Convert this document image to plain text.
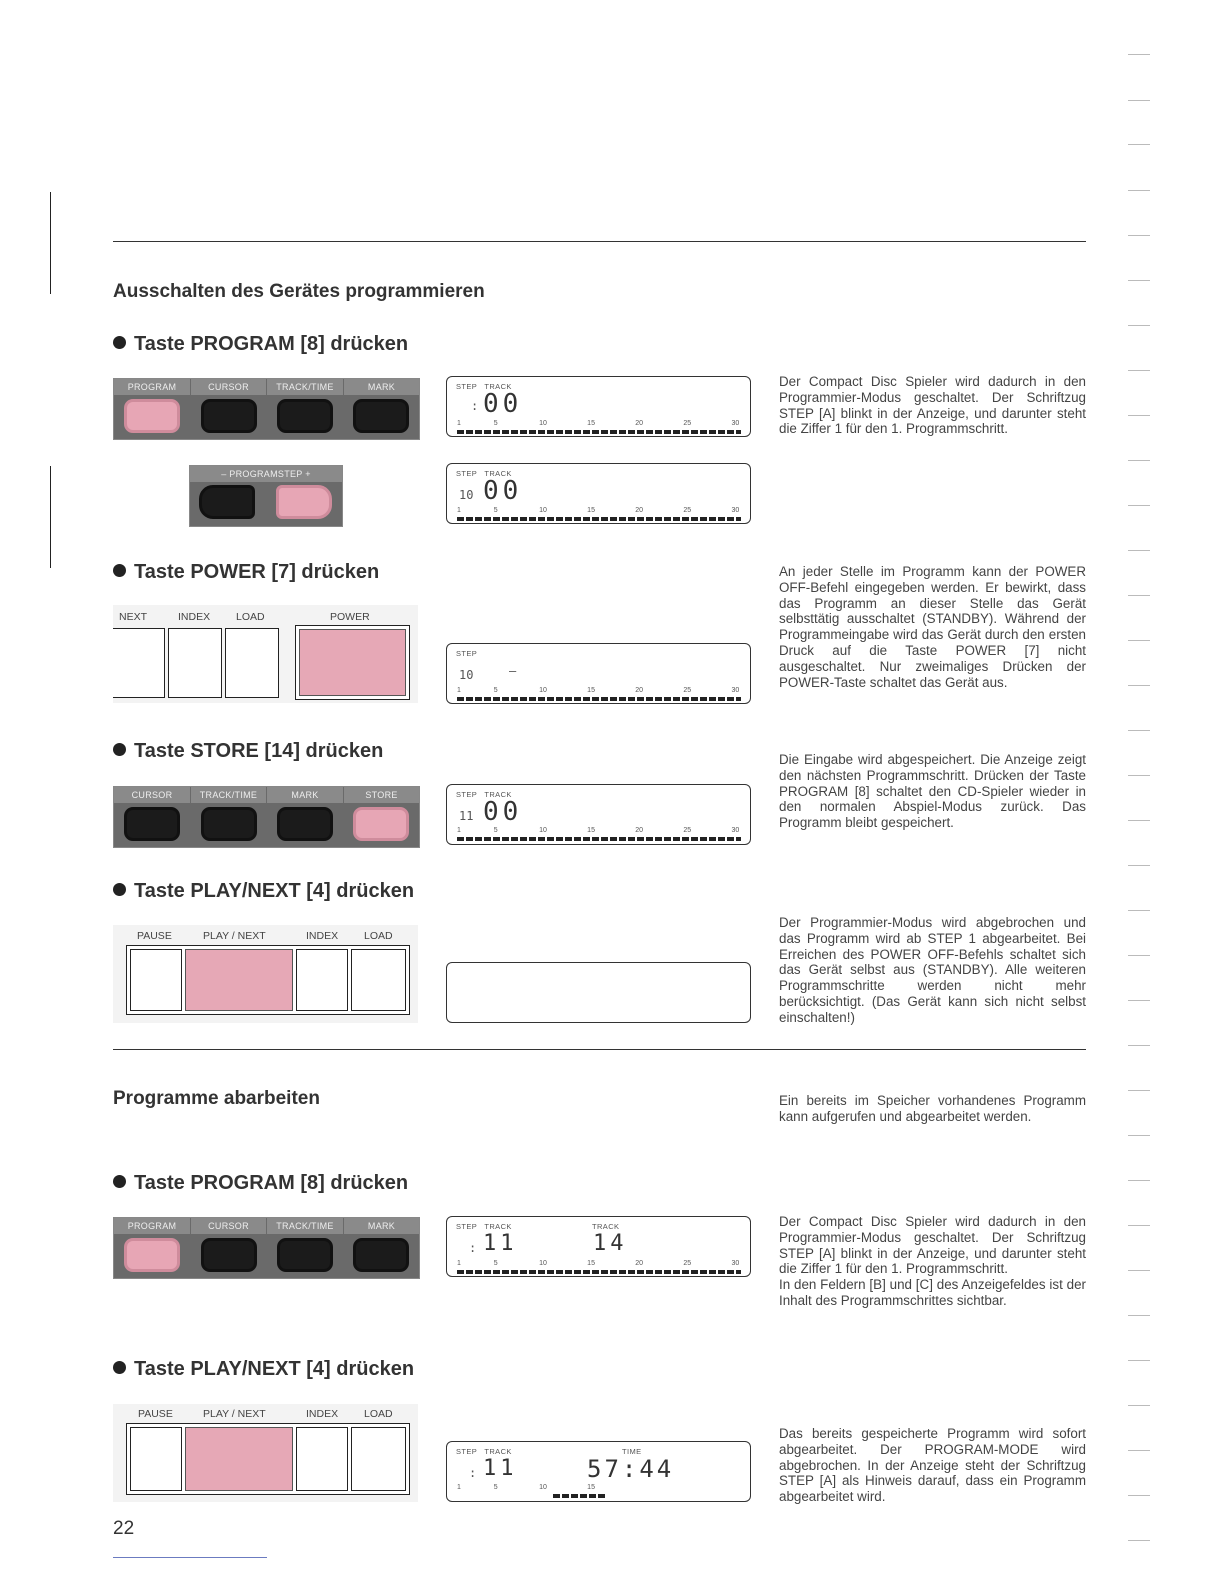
Ausschalten des Gerätes programmieren
Taste PROGRAM [8] drücken
PROGRAM	CURSOR	TRACK/TIME	MARK
– PROGRAMSTEP +
STEP   TRACK
: 00
1	5	10	15	20	25	30
STEP   TRACK
10 00
1	5	10	15	20	25	30
Der Compact Disc Spieler wird dadurch in den Programmier-Modus geschaltet. Der Schriftzug STEP [A] blinkt in der Anzeige, und darunter steht die Ziffer 1 für den 1. Programmschritt.
Taste POWER [7] drücken
NEXT	INDEX LOAD	POWER
STEP
10	–
1	5	10	15	20	25	30
An jeder Stelle im Programm kann der POWER OFF-Befehl eingegeben werden. Er bewirkt, dass das Programm an dieser Stelle das Gerät selbsttätig ausschaltet (STANDBY). Während der Programmeingabe wird das Gerät durch den ersten Druck auf die Taste POWER [7] nicht ausgeschaltet. Nur zweimaliges Drücken der POWER-Taste schaltet das Gerät aus.
Taste STORE [14] drücken
CURSOR	TRACK/TIME	MARK	STORE	STEP   TRACK
11 00
1	5	10	15	20	25	30
Die Eingabe wird abgespeichert. Die Anzeige zeigt den nächsten Programmschritt. Drücken der Taste PROGRAM [8] schaltet den CD-Spieler wieder in den normalen Abspiel-Modus zurück. Das Programm bleibt gespeichert.
Taste PLAY/NEXT [4] drücken
PAUSE	PLAY / NEXT	INDEX LOAD
Der Programmier-Modus wird abgebrochen und das Programm wird ab STEP 1 abgearbeitet. Bei Erreichen des POWER OFF-Befehls schaltet sich das Gerät selbst aus (STANDBY). Alle weiteren Programmschritte werden nicht mehr berücksichtigt. (Das Gerät kann sich nicht selbst einschalten!)
Programme abarbeiten	Ein bereits im Speicher vorhandenes Programm kann aufgerufen und abgearbeitet werden.
Taste PROGRAM [8] drücken
PROGRAM	CURSOR	TRACK/TIME	MARK	STEP   TRACK	TRACK
: 11	14
1	5	10	15	20	25	30

Der Compact Disc Spieler wird dadurch in den Programmier-Modus geschaltet. Der Schriftzug STEP [A] blinkt in der Anzeige, und darunter steht die Ziffer 1 für den 1. Programmschritt.

In den Feldern [B] und [C] des Anzeigefeldes ist der Inhalt des Programmschrittes sichtbar.

Taste PLAY/NEXT [4] drücken
PAUSE	PLAY / NEXT	INDEX LOAD
STEP   TRACK	TIME
: 11	57:44
1	5	10	15
Das bereits gespeicherte Programm wird sofort abgearbeitet. Der PROGRAM-MODE wird abgebrochen. In der Anzeige steht der Schriftzug STEP [A] als Hinweis darauf, dass ein Programm abgearbeitet wird.
22
